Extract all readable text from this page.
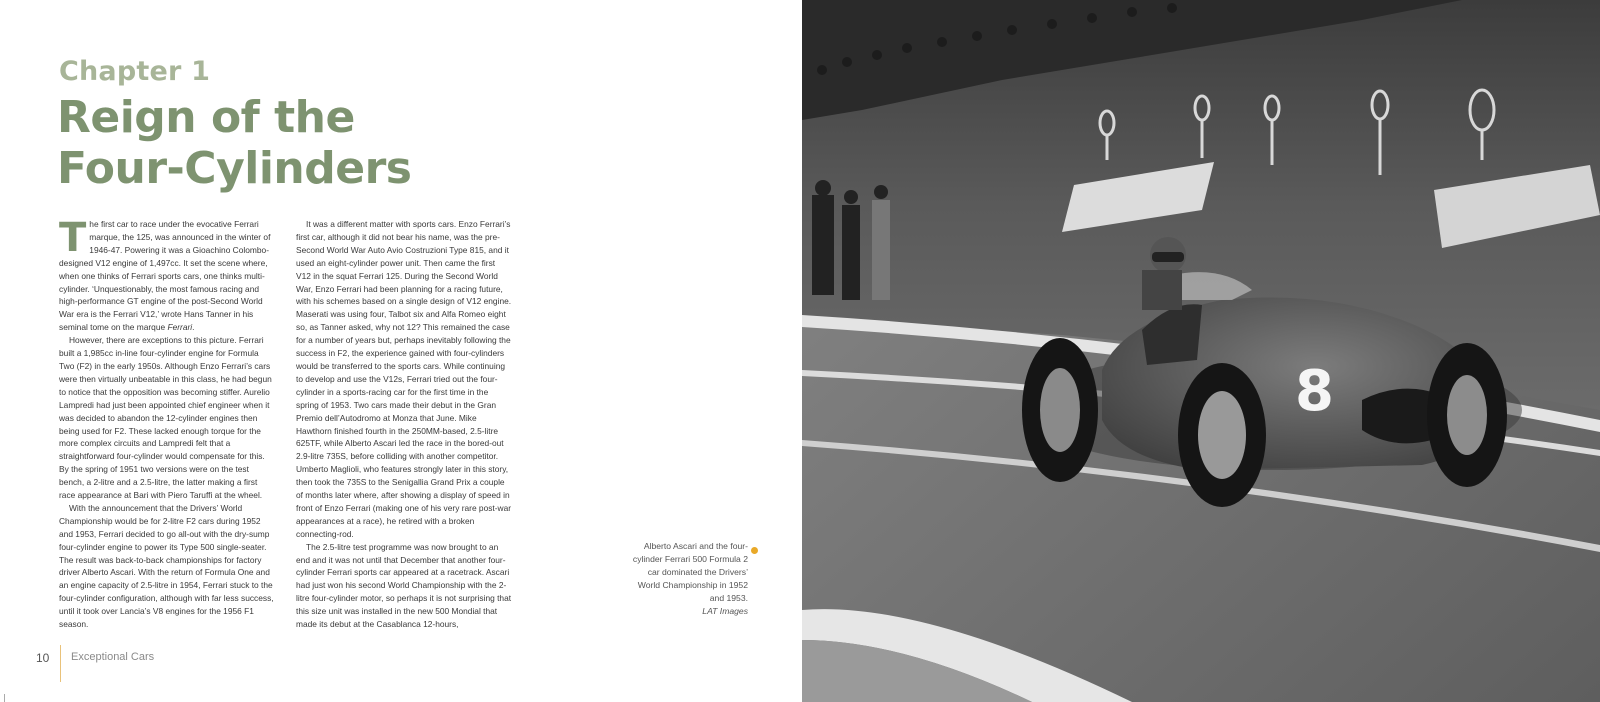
Chapter 1
Reign of the
Four-Cylinders

The first car to race under the evocative Ferrari marque, the 125, was announced in the winter of 1946-47. Powering it was a Gioachino Colombo-designed V12 engine of 1,497cc. It set the scene where, when one thinks of Ferrari sports cars, one thinks multi-cylinder. ‘Unquestionably, the most famous racing and high-performance GT engine of the post-Second World War era is the Ferrari V12,’ wrote Hans Tanner in his seminal tome on the marque Ferrari.

However, there are exceptions to this picture. Ferrari built a 1,985cc in-line four-cylinder engine for Formula Two (F2) in the early 1950s. Although Enzo Ferrari’s cars were then virtually unbeatable in this class, he had begun to notice that the opposition was becoming stiffer. Aurelio Lampredi had just been appointed chief engineer when it was decided to abandon the 12-cylinder engines then being used for F2. These lacked enough torque for the more complex circuits and Lampredi felt that a straightforward four-cylinder would compensate for this. By the spring of 1951 two versions were on the test bench, a 2-litre and a 2.5-litre, the latter making a first race appearance at Bari with Piero Taruffi at the wheel.

With the announcement that the Drivers’ World Championship would be for 2-litre F2 cars during 1952 and 1953, Ferrari decided to go all-out with the dry-sump four-cylinder engine to power its Type 500 single-seater. The result was back-to-back championships for factory driver Alberto Ascari. With the return of Formula One and an engine capacity of 2.5-litre in 1954, Ferrari stuck to the four-cylinder configuration, although with far less success, until it took over Lancia’s V8 engines for the 1956 F1 season.

It was a different matter with sports cars. Enzo Ferrari’s first car, although it did not bear his name, was the pre-Second World War Auto Avio Costruzioni Type 815, and it used an eight-cylinder power unit. Then came the first V12 in the squat Ferrari 125. During the Second World War, Enzo Ferrari had been planning for a racing future, with his schemes based on a single design of V12 engine. Maserati was using four, Talbot six and Alfa Romeo eight so, as Tanner asked, why not 12? This remained the case for a number of years but, perhaps inevitably following the success in F2, the experience gained with four-cylinders would be transferred to the sports cars. While continuing to develop and use the V12s, Ferrari tried out the four-cylinder in a sports-racing car for the first time in the spring of 1953. Two cars made their debut in the Gran Premio dell’Autodromo at Monza that June. Mike Hawthorn finished fourth in the 250MM-based, 2.5-litre 625TF, while Alberto Ascari led the race in the bored-out 2.9-litre 735S, before colliding with another competitor. Umberto Maglioli, who features strongly later in this story, then took the 735S to the Senigallia Grand Prix a couple of months later where, after showing a display of speed in front of Enzo Ferrari (making one of his very rare post-war appearances at a race), he retired with a broken connecting-rod.

The 2.5-litre test programme was now brought to an end and it was not until that December that another four-cylinder Ferrari sports car appeared at a racetrack. Ascari had just won his second World Championship with the 2-litre four-cylinder motor, so perhaps it is not surprising that this size unit was installed in the new 500 Mondial that made its debut at the Casablanca 12-hours,

Alberto Ascari and the four-cylinder Ferrari 500 Formula 2 car dominated the Drivers’ World Championship in 1952 and 1953.
LAT Images
10 Exceptional Cars
8
